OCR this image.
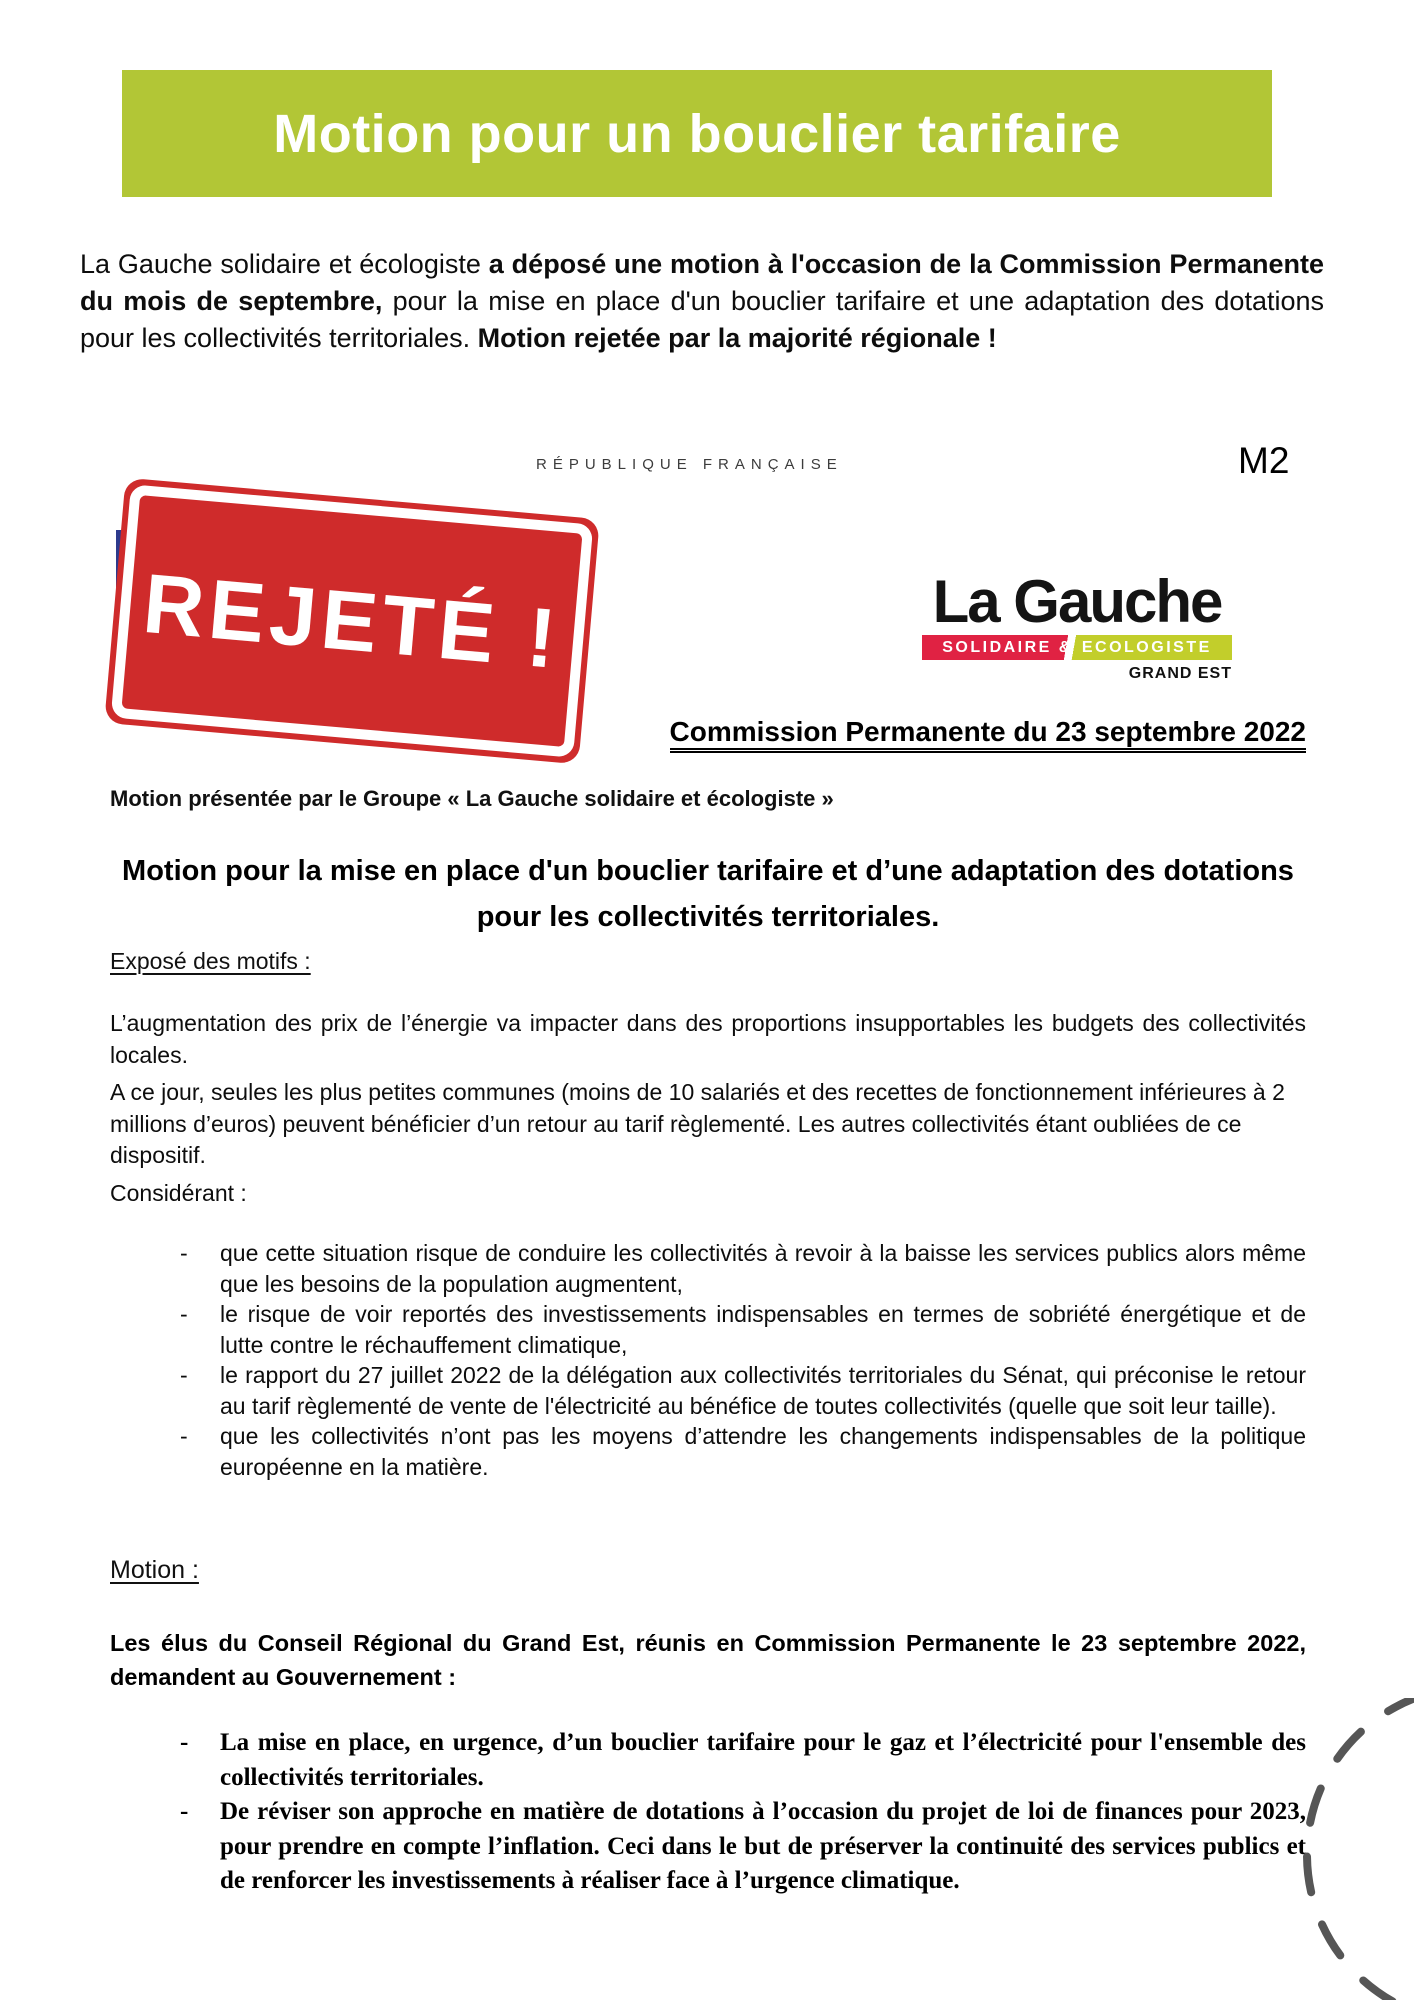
Motion pour un bouclier tarifaire

La Gauche solidaire et écologiste a déposé une motion à l'occasion de la Commission Permanente du mois de septembre, pour la mise en place d'un bouclier tarifaire et une adaptation des dotations pour les collectivités territoriales. Motion rejetée par la majorité régionale !

RÉPUBLIQUE FRANÇAISE	M2
REJETÉ !	La Gauche
SOLIDAIRE & ECOLOGISTE
GRAND EST
Commission Permanente du 23 septembre 2022
Motion présentée par le Groupe « La Gauche solidaire et écologiste »
Motion pour la mise en place d'un bouclier tarifaire et d’une adaptation des dotations pour les collectivités territoriales.
Exposé des motifs :

L’augmentation des prix de l’énergie va impacter dans des proportions insupportables les budgets des collectivités locales.

A ce jour, seules les plus petites communes (moins de 10 salariés et des recettes de fonctionnement inférieures à 2 millions d’euros) peuvent bénéficier d’un retour au tarif règlementé. Les autres collectivités étant oubliées de ce dispositif.

Considérant :

- que cette situation risque de conduire les collectivités à revoir à la baisse les services publics alors même que les besoins de la population augmentent,
- le risque de voir reportés des investissements indispensables en termes de sobriété énergétique et de lutte contre le réchauffement climatique,
- le rapport du 27 juillet 2022 de la délégation aux collectivités territoriales du Sénat, qui préconise le retour au tarif règlementé de vente de l'électricité au bénéfice de toutes collectivités (quelle que soit leur taille).
- que les collectivités n’ont pas les moyens d’attendre les changements indispensables de la politique européenne en la matière.
Motion :
Les élus du Conseil Régional du Grand Est, réunis en Commission Permanente le 23 septembre 2022, demandent au Gouvernement :
- La mise en place, en urgence, d’un bouclier tarifaire pour le gaz et l’électricité pour l'ensemble des collectivités territoriales.
- De réviser son approche en matière de dotations à l’occasion du projet de loi de finances pour 2023, pour prendre en compte l’inflation. Ceci dans le but de préserver la continuité des services publics et de renforcer les investissements à réaliser face à l’urgence climatique.
